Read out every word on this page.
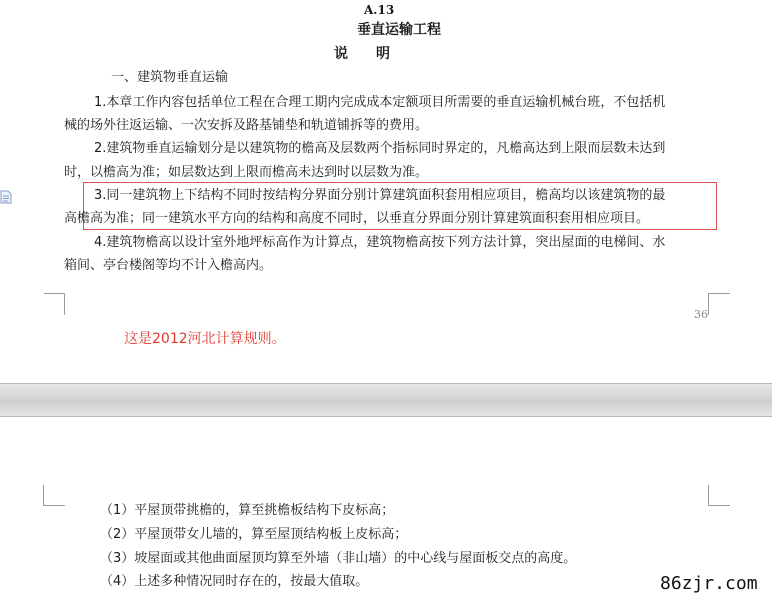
A.13
垂直运输工程
说　　明
一、建筑物垂直运输
1.本章工作内容包括单位工程在合理工期内完成成本定额项目所需要的垂直运输机械台班，不包括机
械的场外往返运输、一次安拆及路基铺垫和轨道铺拆等的费用。
2.建筑物垂直运输划分是以建筑物的檐高及层数两个指标同时界定的，凡檐高达到上限而层数未达到
时，以檐高为准；如层数达到上限而檐高未达到时以层数为准。
3.同一建筑物上下结构不同时按结构分界面分别计算建筑面积套用相应项目，檐高均以该建筑物的最
高檐高为准；同一建筑水平方向的结构和高度不同时，以垂直分界面分别计算建筑面积套用相应项目。
4.建筑物檐高以设计室外地坪标高作为计算点，建筑物檐高按下列方法计算，突出屋面的电梯间、水
箱间、亭台楼阁等均不计入檐高内。
36
这是2012河北计算规则。
（1）平屋顶带挑檐的，算至挑檐板结构下皮标高；
（2）平屋顶带女儿墙的，算至屋顶结构板上皮标高；
（3）坡屋面或其他曲面屋顶均算至外墙（非山墙）的中心线与屋面板交点的高度。
（4）上述多种情况同时存在的，按最大值取。	86zjr.com
